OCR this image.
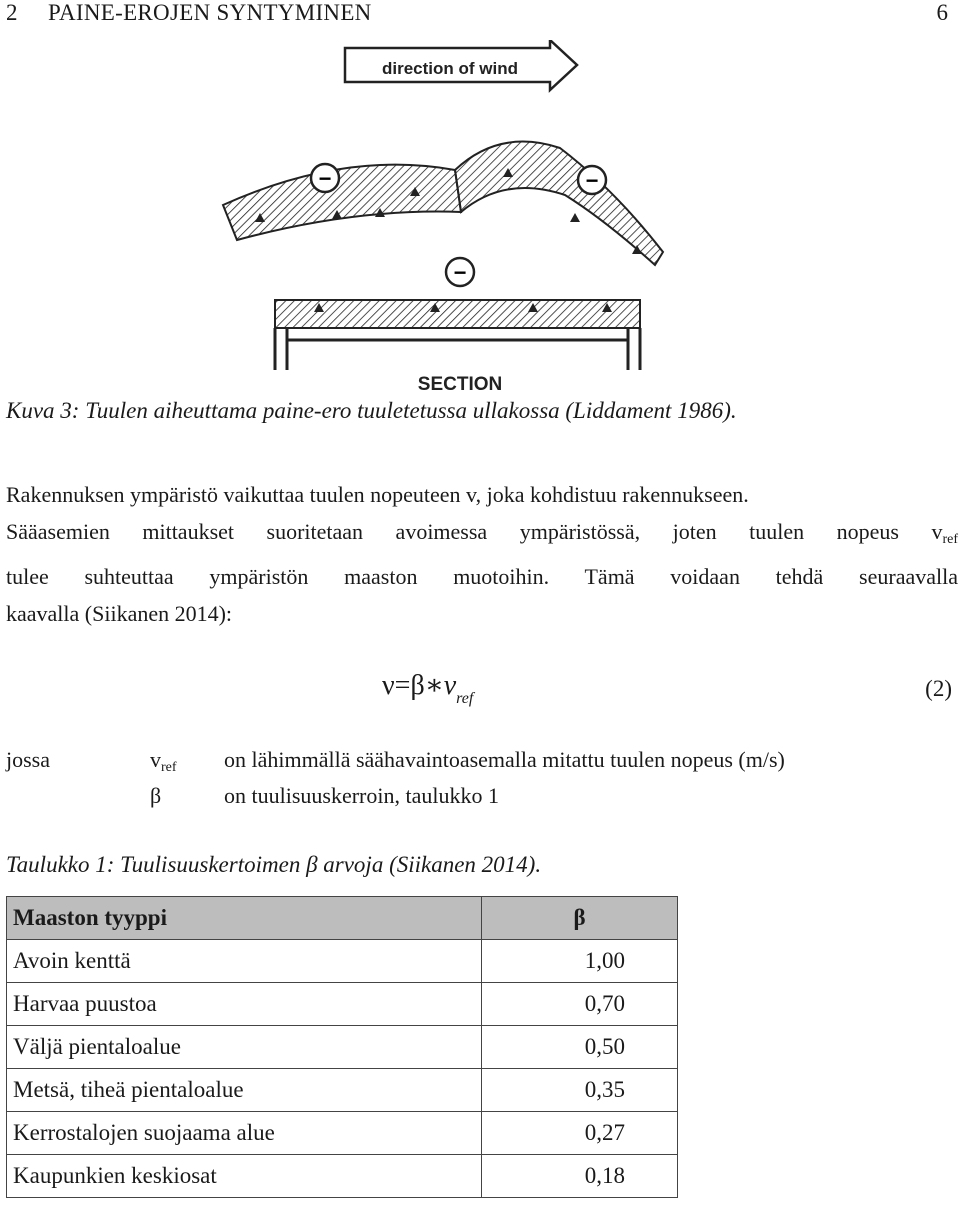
2 PAINE-EROJEN SYNTYMINEN	6
direction of wind
−	−
−
SECTION
Kuva 3: Tuulen aiheuttama paine-ero tuuletetussa ullakossa (Liddament 1986).
Rakennuksen ympäristö vaikuttaa tuulen nopeuteen v, joka kohdistuu rakennukseen.
Sääasemien mittaukset suoritetaan avoimessa ympäristössä, joten tuulen nopeus $v_{ref}$
tulee suhteuttaa ympäristön maaston muotoihin. Tämä voidaan tehdä seuraavalla
kaavalla (Siikanen 2014):
$\nu=\beta∗v_{ref}$	(2)
jossa	$v_{ref}$ on lähimmällä säähavaintoasemalla mitattu tuulen nopeus (m/s)
β	on tuulisuuskerroin, taulukko 1
Taulukko 1: Tuulisuuskertoimen β arvoja (Siikanen 2014).
Maaston tyyppi	β
Avoin kenttä	1,00
Harvaa puustoa	0,70
Väljä pientaloalue	0,50
Metsä, tiheä pientaloalue	0,35
Kerrostalojen suojaama alue	0,27
Kaupunkien keskiosat	0,18
